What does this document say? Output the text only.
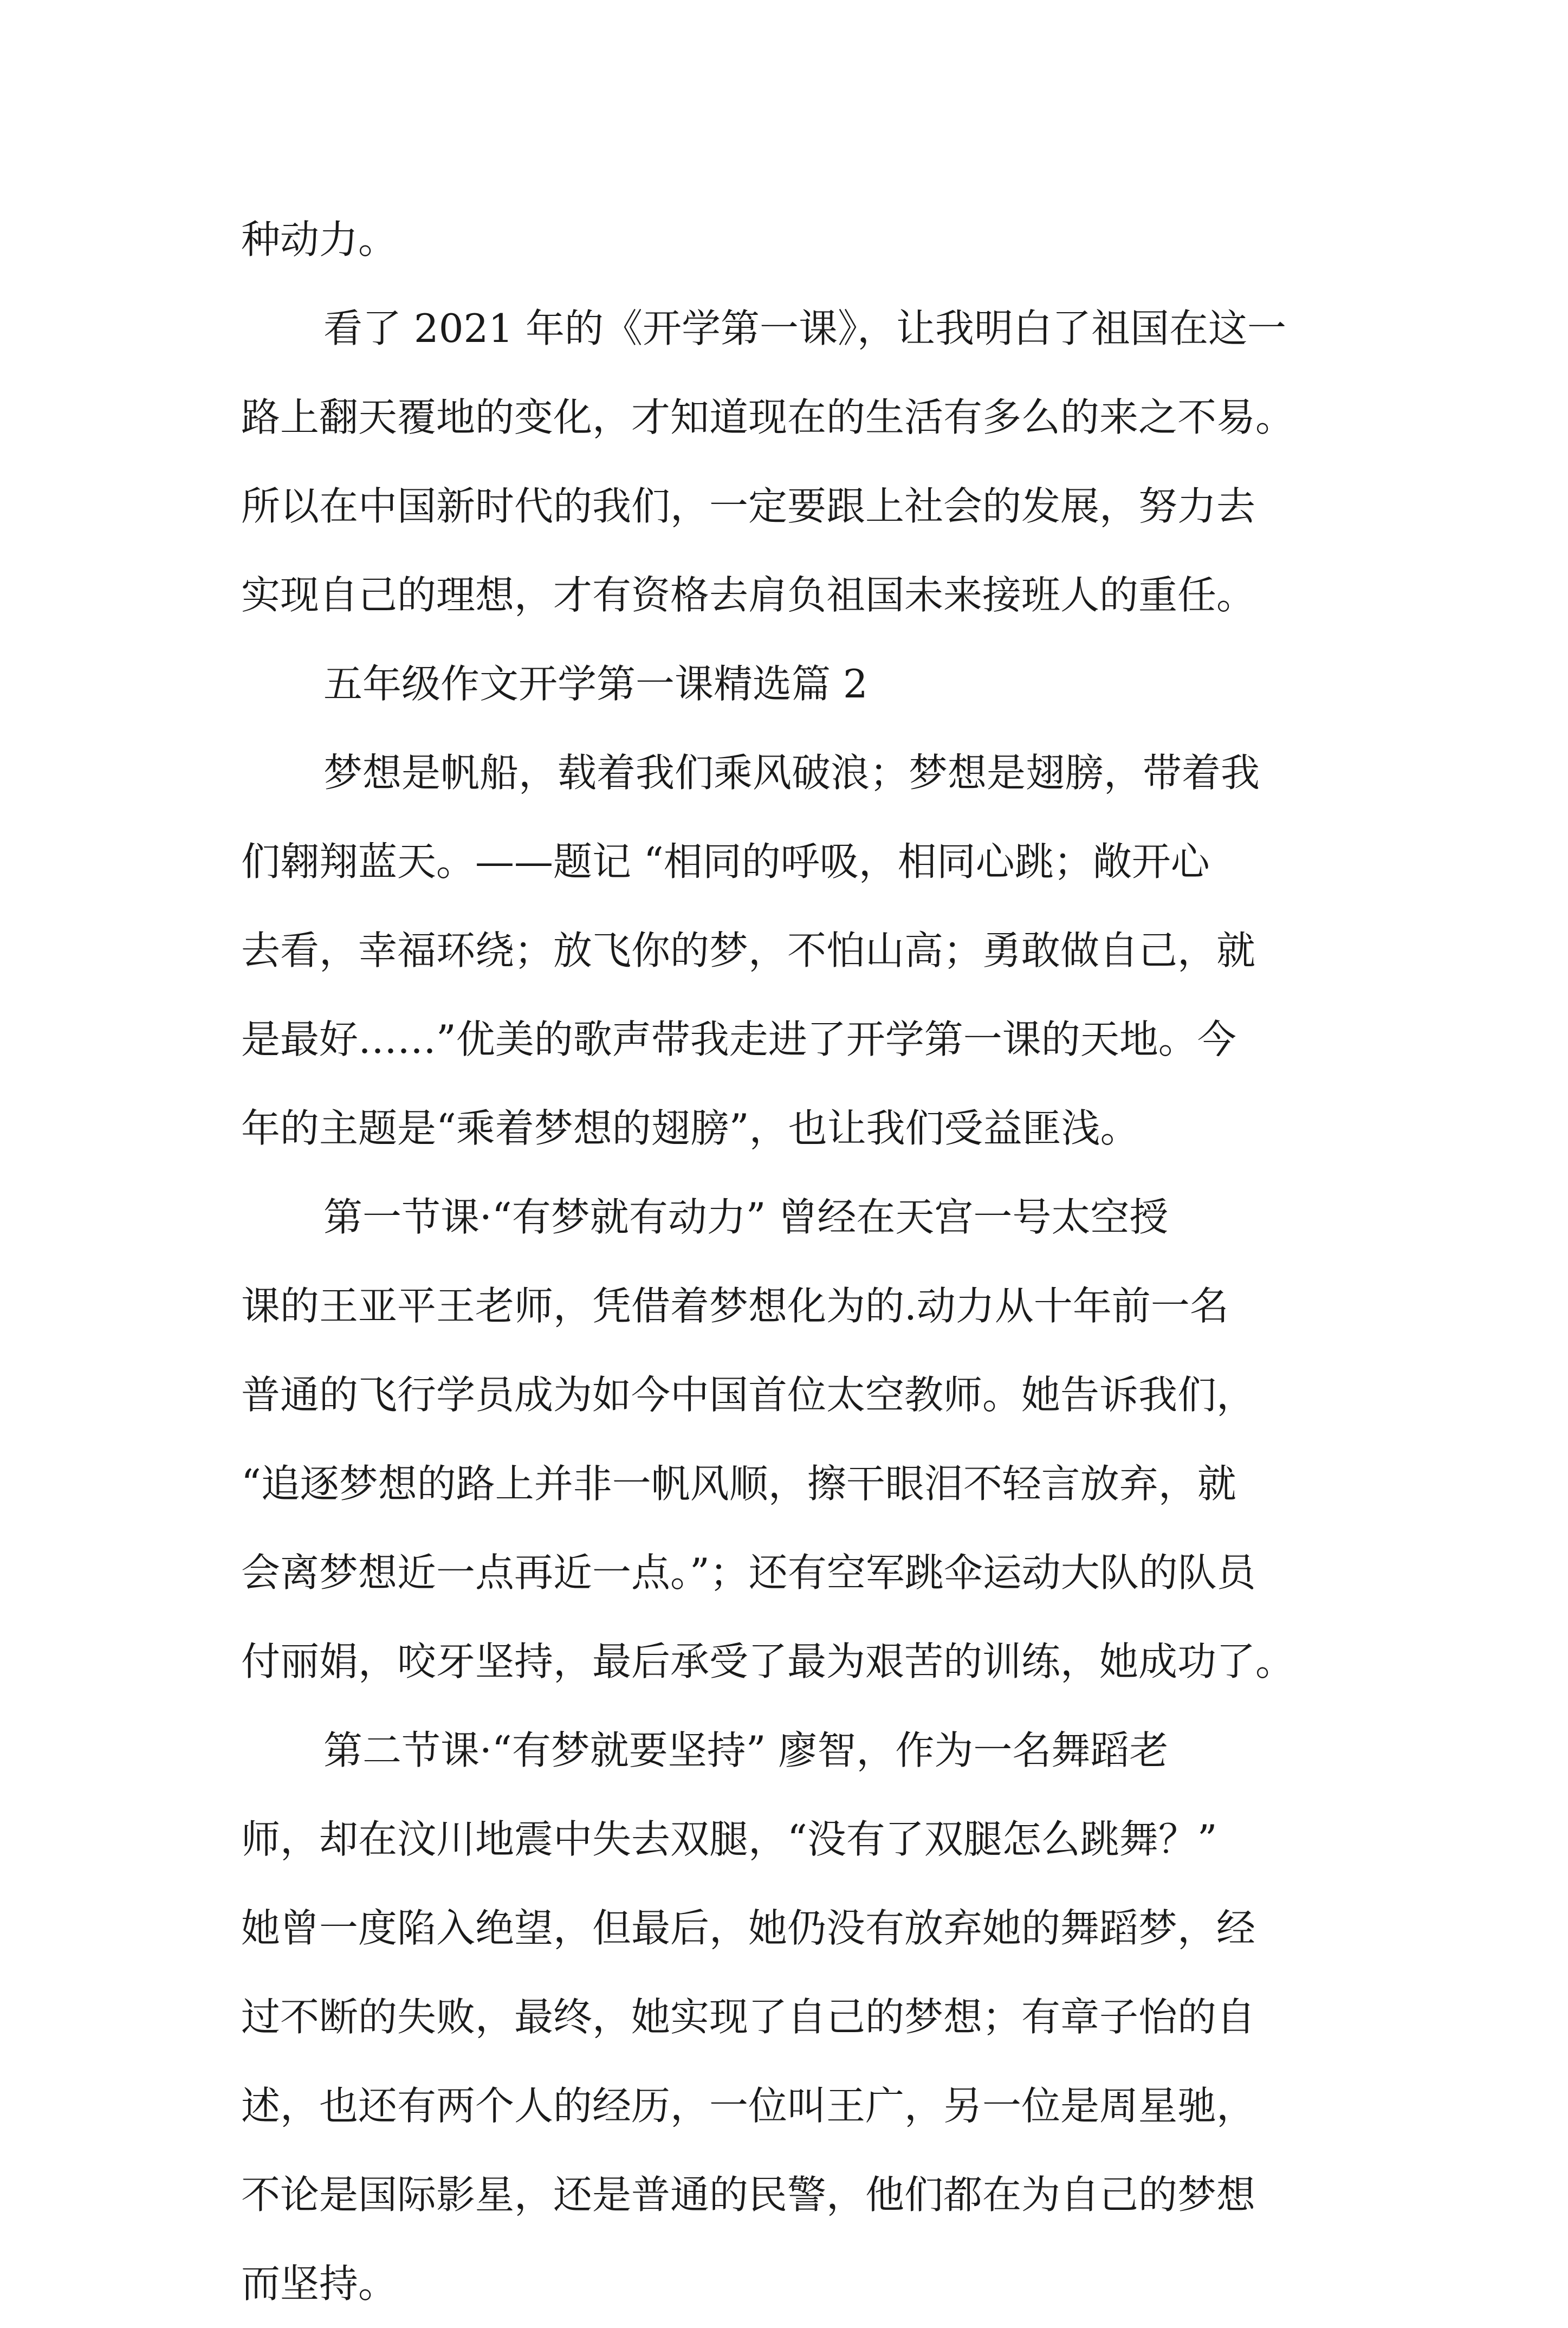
种动力。
看了 2021 年的《开学第一课》，让我明白了祖国在这一
路上翻天覆地的变化，才知道现在的生活有多么的来之不易。
所以在中国新时代的我们，一定要跟上社会的发展，努力去
实现自己的理想，才有资格去肩负祖国未来接班人的重任。
五年级作文开学第一课精选篇 2
梦想是帆船，载着我们乘风破浪；梦想是翅膀，带着我
们翱翔蓝天。——题记 “相同的呼吸，相同心跳；敞开心
去看，幸福环绕；放飞你的梦，不怕山高；勇敢做自己，就
是最好……”优美的歌声带我走进了开学第一课的天地。今
年的主题是“乘着梦想的翅膀”，也让我们受益匪浅。
第一节课·“有梦就有动力” 曾经在天宫一号太空授
课的王亚平王老师，凭借着梦想化为的.动力从十年前一名
普通的飞行学员成为如今中国首位太空教师。她告诉我们，
“追逐梦想的路上并非一帆风顺，擦干眼泪不轻言放弃，就
会离梦想近一点再近一点。”；还有空军跳伞运动大队的队员
付丽娟，咬牙坚持，最后承受了最为艰苦的训练，她成功了。
第二节课·“有梦就要坚持” 廖智，作为一名舞蹈老
师，却在汶川地震中失去双腿，“没有了双腿怎么跳舞？”
她曾一度陷入绝望，但最后，她仍没有放弃她的舞蹈梦，经
过不断的失败，最终，她实现了自己的梦想；有章子怡的自
述，也还有两个人的经历，一位叫王广，另一位是周星驰，
不论是国际影星，还是普通的民警，他们都在为自己的梦想
而坚持。
